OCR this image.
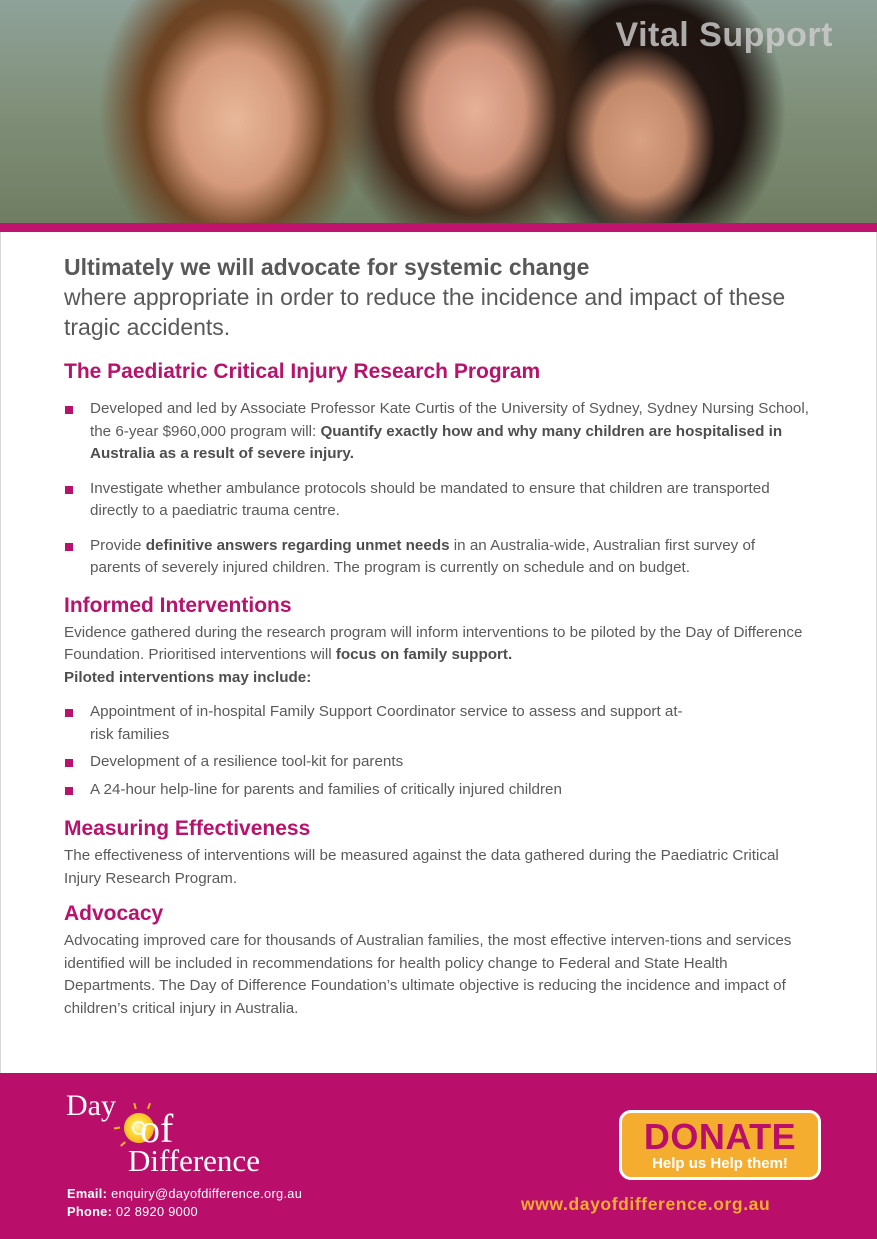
Vital Support

Ultimately we will advocate for systemic change

where appropriate in order to reduce the incidence and impact of these tragic accidents.

The Paediatric Critical Injury Research Program
Developed and led by Associate Professor Kate Curtis of the University of Sydney, Sydney Nursing School, the 6-year $960,000 program will: Quantify exactly how and why many children are hospitalised in Australia as a result of severe injury.
Investigate whether ambulance protocols should be mandated to ensure that children are transported directly to a paediatric trauma centre.
Provide definitive answers regarding unmet needs in an Australia-wide, Australian first survey of parents of severely injured children. The program is currently on schedule and on budget.
Informed Interventions

Evidence gathered during the research program will inform interventions to be piloted by the Day of Difference Foundation. Prioritised interventions will focus on family support.
Piloted interventions may include:

Appointment of in-hospital Family Support Coordinator service to assess and support at-risk families
Development of a resilience tool-kit for parents
A 24-hour help-line for parents and families of critically injured children
Measuring Effectiveness

The effectiveness of interventions will be measured against the data gathered during the Paediatric Critical Injury Research Program.

Advocacy

Advocating improved care for thousands of Australian families, the most effective interven-tions and services identified will be included in recommendations for health policy change to Federal and State Health Departments. The Day of Difference Foundation’s ultimate objective is reducing the incidence and impact of children’s critical injury in Australia.

Day
of
Difference
Email: enquiry@dayofdifference.org.au
Phone: 02 8920 9000
DONATE
Help us Help them!
www.dayofdifference.org.au
